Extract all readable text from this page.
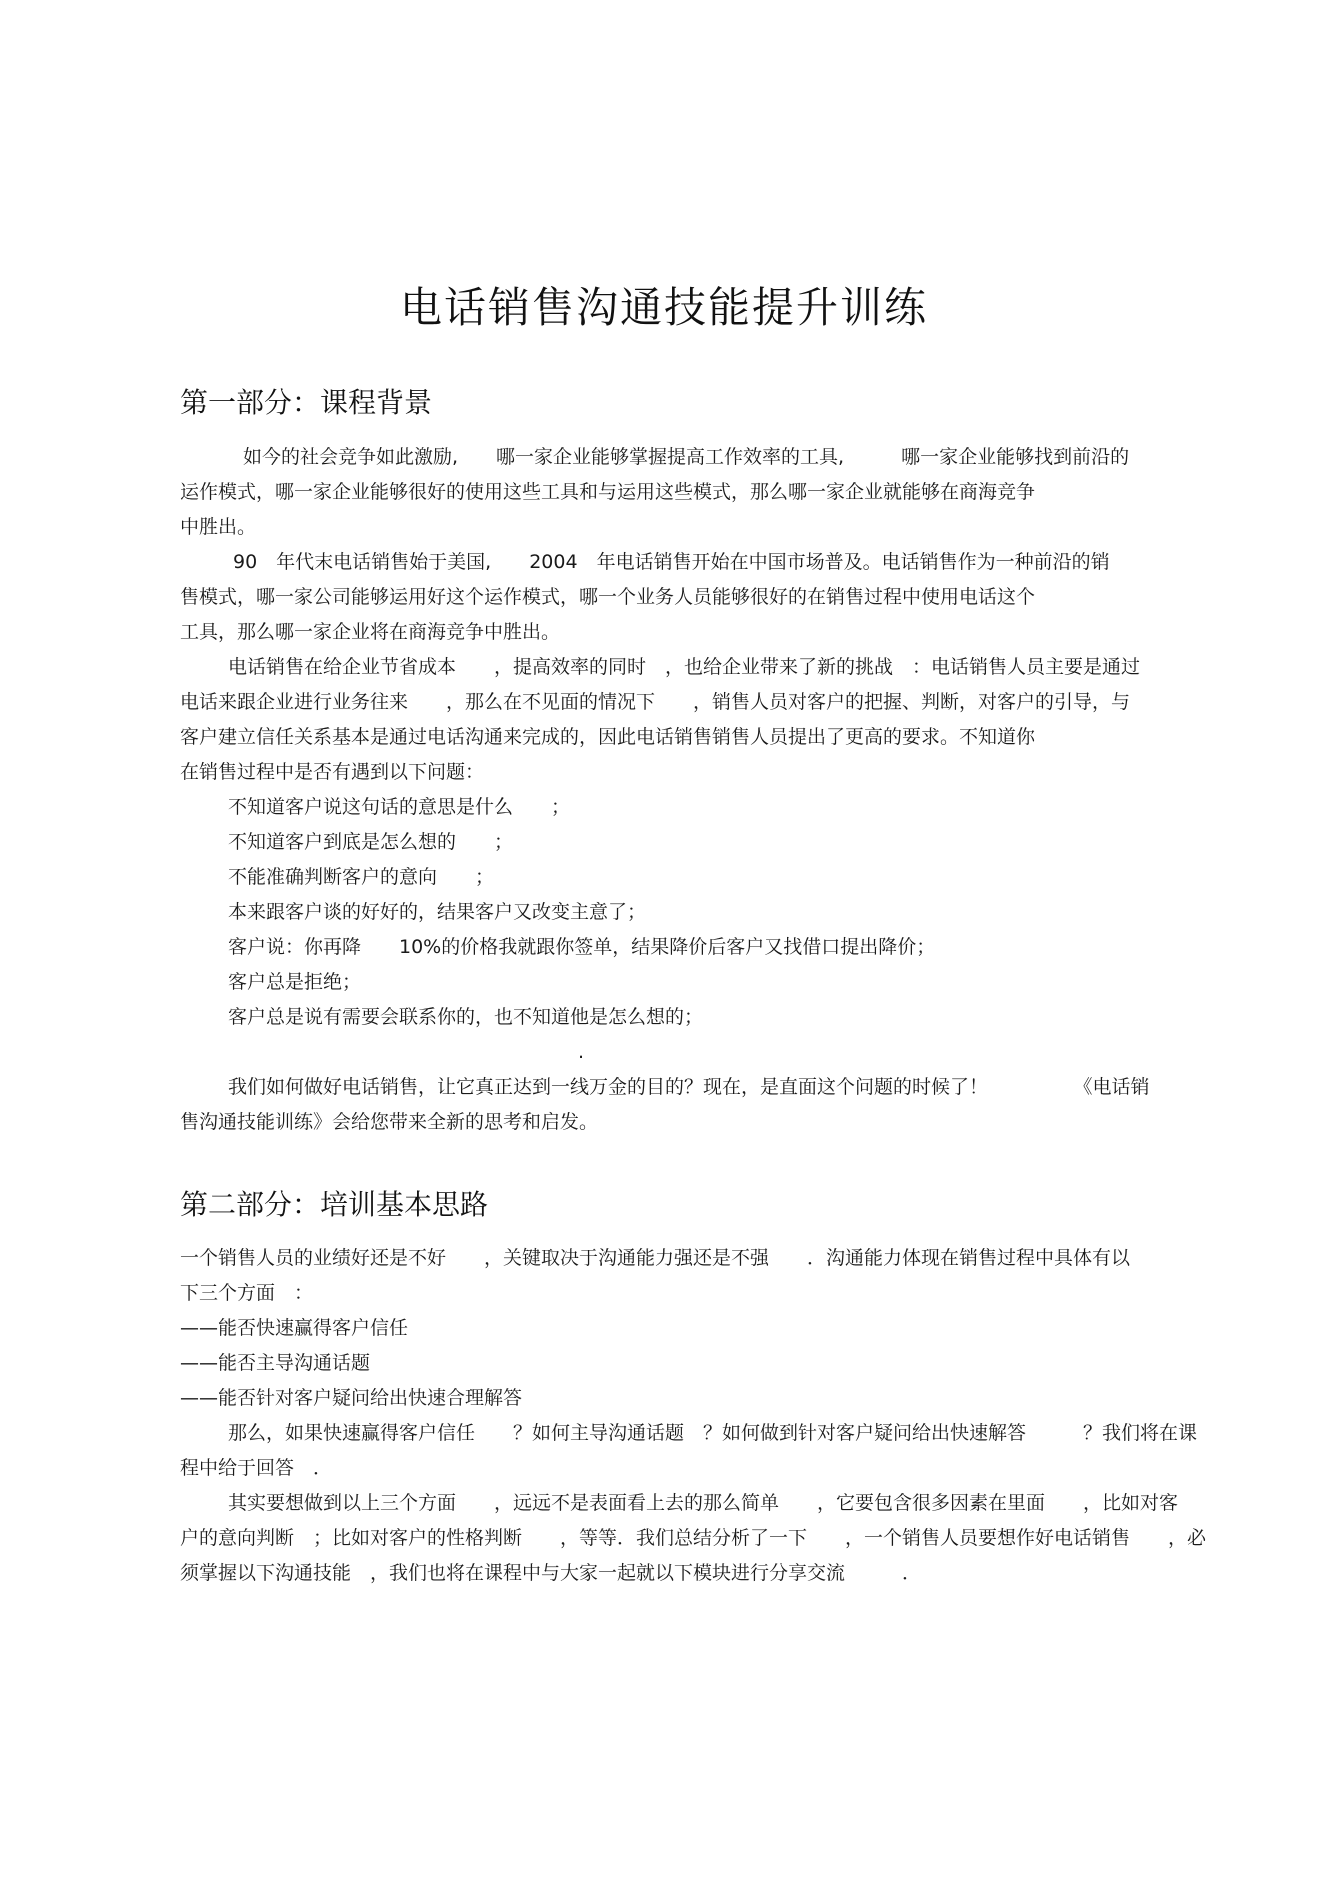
电话销售沟通技能提升训练
第一部分：课程背景
如今的社会竞争如此激励,　　哪一家企业能够掌握提高工作效率的工具,　　　哪一家企业能够找到前沿的
运作模式，哪一家企业能够很好的使用这些工具和与运用这些模式，那么哪一家企业就能够在商海竞争
中胜出。
90　年代末电话销售始于美国,　　2004　年电话销售开始在中国市场普及。电话销售作为一种前沿的销
售模式，哪一家公司能够运用好这个运作模式，哪一个业务人员能够很好的在销售过程中使用电话这个
工具，那么哪一家企业将在商海竞争中胜出。
电话销售在给企业节省成本　　，提高效率的同时　，也给企业带来了新的挑战　：电话销售人员主要是通过
电话来跟企业进行业务往来　　，那么在不见面的情况下　　，销售人员对客户的把握、判断，对客户的引导，与
客户建立信任关系基本是通过电话沟通来完成的，因此电话销售销售人员提出了更高的要求。不知道你
在销售过程中是否有遇到以下问题：
不知道客户说这句话的意思是什么　　；
不知道客户到底是怎么想的　　；
不能准确判断客户的意向　　；
本来跟客户谈的好好的，结果客户又改变主意了；
客户说：你再降　　10%的价格我就跟你签单，结果降价后客户又找借口提出降价；
客户总是拒绝；
客户总是说有需要会联系你的，也不知道他是怎么想的；
.
我们如何做好电话销售，让它真正达到一线万金的目的？现在，是直面这个问题的时候了！　　　　　《电话销
售沟通技能训练》会给您带来全新的思考和启发。
第二部分：培训基本思路
一个销售人员的业绩好还是不好　　，关键取决于沟通能力强还是不强　　．沟通能力体现在销售过程中具体有以
下三个方面　：
——能否快速赢得客户信任
——能否主导沟通话题
——能否针对客户疑问给出快速合理解答
那么，如果快速赢得客户信任　　？如何主导沟通话题　？如何做到针对客户疑问给出快速解答　　　？我们将在课
程中给于回答　．
其实要想做到以上三个方面　　，远远不是表面看上去的那么简单　　，它要包含很多因素在里面　　，比如对客
户的意向判断　；比如对客户的性格判断　　，等等．我们总结分析了一下　　，一个销售人员要想作好电话销售　　，必
须掌握以下沟通技能　，我们也将在课程中与大家一起就以下模块进行分享交流　　　．
